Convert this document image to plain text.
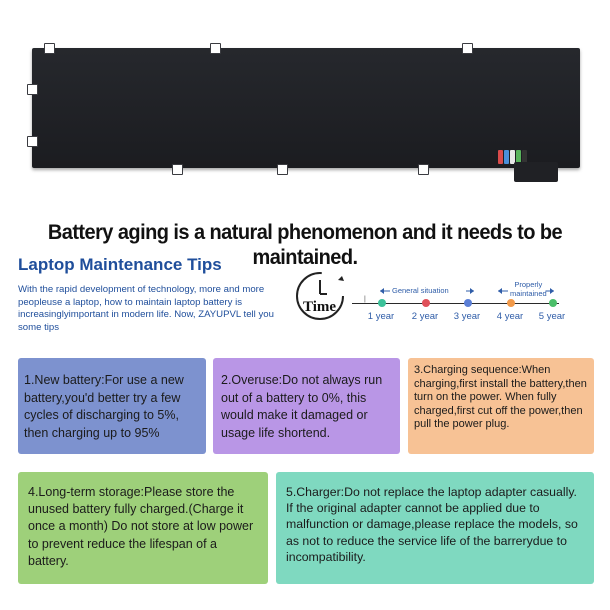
Battery aging is a natural phenomenon and it needs to be maintained.
Laptop Maintenance Tips
With the rapid development of technology, more and more peopleuse a laptop, how to maintain laptop battery is increasinglyimportant in modern life. Now, ZAYUPVL tell you some tips
Time	|
General situation
Properly
maintained
1 year 2 year 3 year 4 year 5 year
1.New battery:For use a new battery,you'd better try a few cycles of discharging to 5%, then charging up to 95%
2.Overuse:Do not always run out of a battery to 0%, this would make it damaged or usage life shortend.
3.Charging sequence:When charging,first install the battery,then turn on the power. When fully charged,first cut off the power,then pull the power plug.
4.Long-term storage:Please store the unused battery fully charged.(Charge it once a month) Do not store at low power to prevent reduce the lifespan of a battery.
5.Charger:Do not replace the laptop adapter casually. If the original adapter cannot be applied due to malfunction or damage,please replace the models, so as not to reduce the service life of the barrerydue to incompatibility.
